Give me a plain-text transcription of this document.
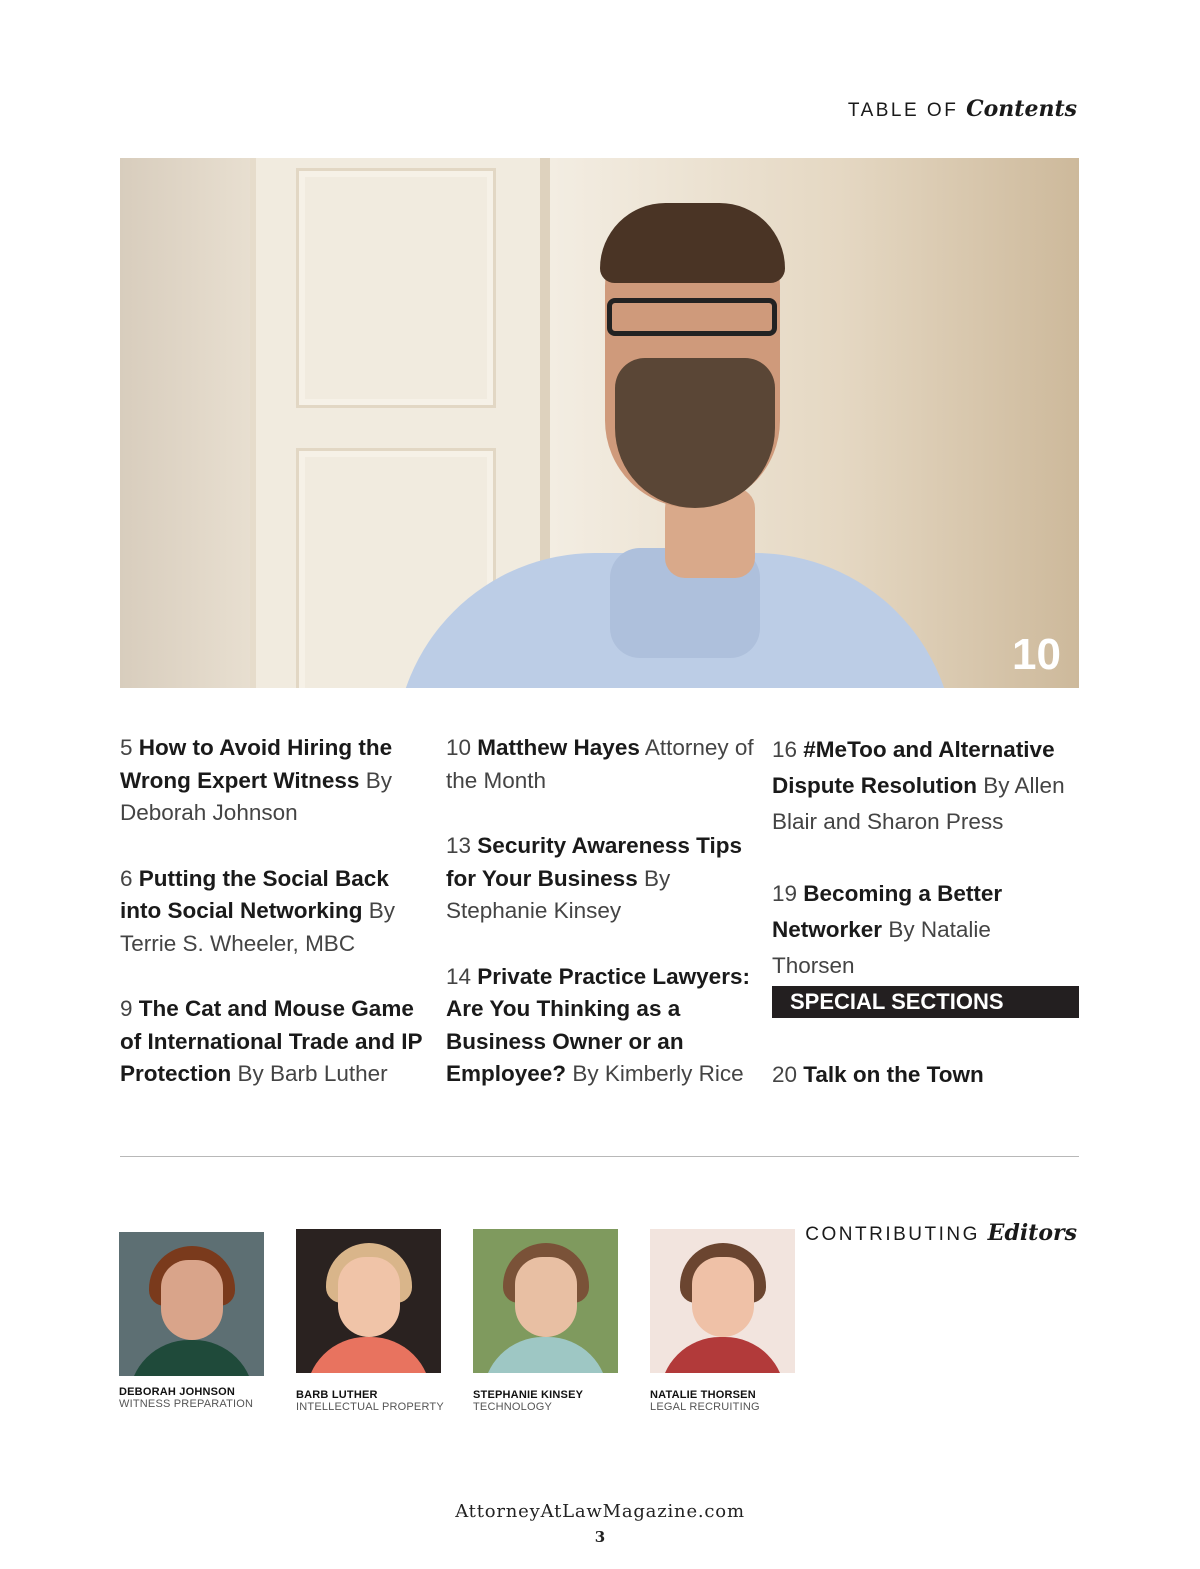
TABLE OF Contents
10

5 How to Avoid Hiring the Wrong Expert Witness By Deborah Johnson

6 Putting the Social Back into Social Networking By Terrie S. Wheeler, MBC

9 The Cat and Mouse Game of International Trade and IP Protection By Barb Luther

10 Matthew Hayes Attorney of the Month

13 Security Awareness Tips for Your Business By Stephanie Kinsey

14 Private Practice Lawyers: Are You Thinking as a Business Owner or an Employee? By Kimberly Rice

16 #MeToo and Alternative Dispute Resolution By Allen Blair and Sharon Press

19 Becoming a Better Networker By Natalie Thorsen

SPECIAL SECTIONS

20 Talk on the Town

CONTRIBUTING Editors
DEBORAH JOHNSON
WITNESS PREPARATION
BARB LUTHER
INTELLECTUAL PROPERTY
STEPHANIE KINSEY
TECHNOLOGY
NATALIE THORSEN
LEGAL RECRUITING
AttorneyAtLawMagazine.com
3
